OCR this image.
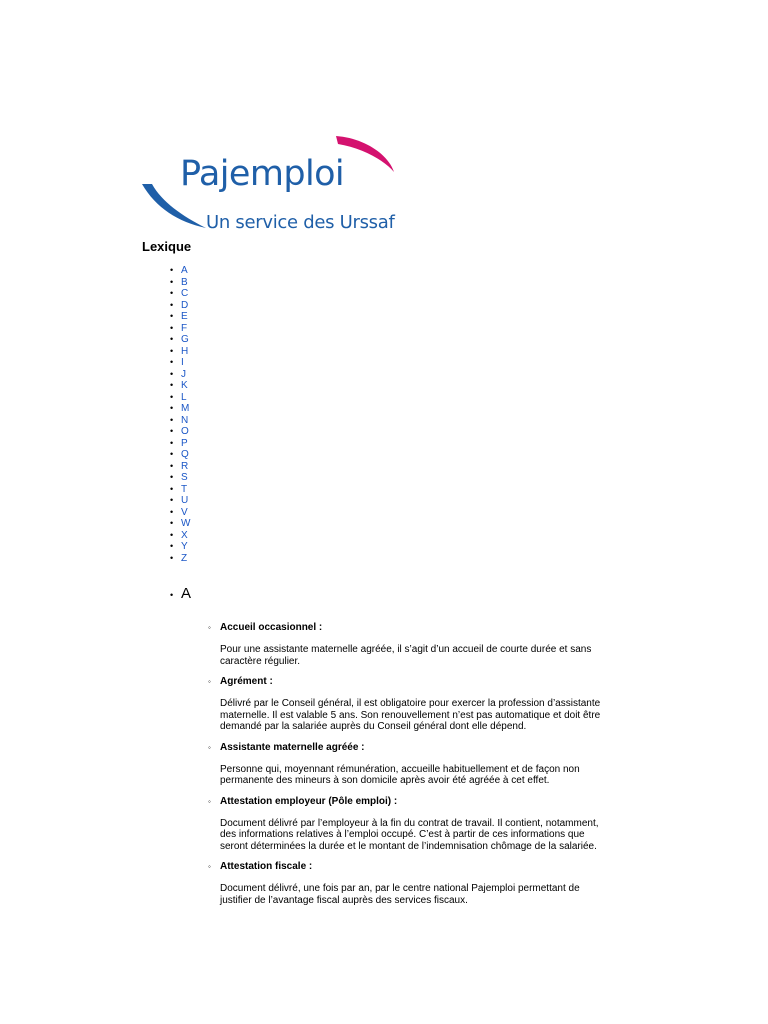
Pajemploi
Un service des Urssaf
Lexique
• A
• B
• C
• D
• E
• F
• G
• H
• I
• J
• K
• L
• M
• N
• O
• P
• Q
• R
• S
• T
• U
• V
• W
• X
• Y
• Z
• A
◦ Accueil occasionnel :

Pour une assistante maternelle agréée, il s’agit d’un accueil de courte durée et sans caractère régulier.

◦ Agrément :

Délivré par le Conseil général, il est obligatoire pour exercer la profession d’assistante maternelle. Il est valable 5 ans. Son renouvellement n’est pas automatique et doit être demandé par la salariée auprès du Conseil général dont elle dépend.

◦ Assistante maternelle agréée :

Personne qui, moyennant rémunération, accueille habituellement et de façon non permanente des mineurs à son domicile après avoir été agréée à cet effet.

◦ Attestation employeur (Pôle emploi) :

Document délivré par l’employeur à la fin du contrat de travail. Il contient, notamment, des informations relatives à l’emploi occupé. C’est à partir de ces informations que seront déterminées la durée et le montant de l’indemnisation chômage de la salariée.

◦ Attestation fiscale :

Document délivré, une fois par an, par le centre national Pajemploi permettant de justifier de l’avantage fiscal auprès des services fiscaux.
